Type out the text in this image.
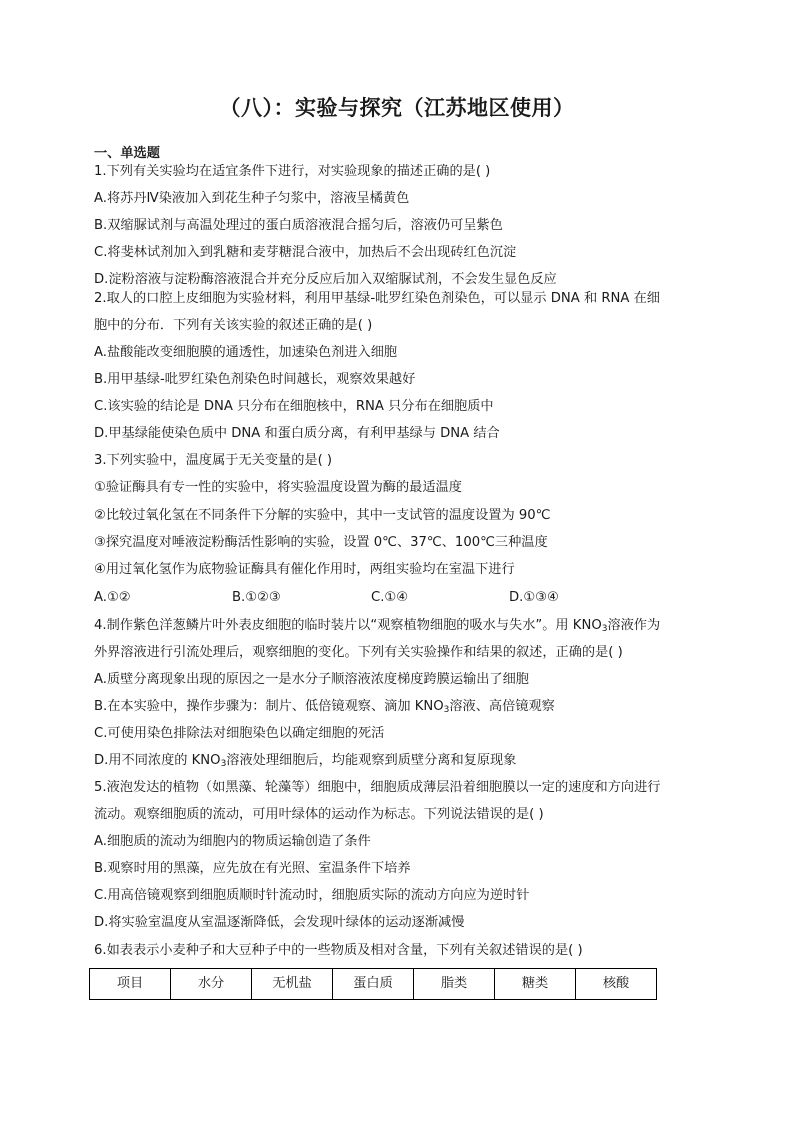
（八）：实验与探究（江苏地区使用）
一、单选题
1.下列有关实验均在适宜条件下进行，对实验现象的描述正确的是( )
A.将苏丹Ⅳ染液加入到花生种子匀浆中，溶液呈橘黄色
B.双缩脲试剂与高温处理过的蛋白质溶液混合摇匀后，溶液仍可呈紫色
C.将斐林试剂加入到乳糖和麦芽糖混合液中，加热后不会出现砖红色沉淀
D.淀粉溶液与淀粉酶溶液混合并充分反应后加入双缩脲试剂，不会发生显色反应
2.取人的口腔上皮细胞为实验材料，利用甲基绿-吡罗红染色剂染色，可以显示 DNA 和 RNA 在细
胞中的分布．下列有关该实验的叙述正确的是( )
A.盐酸能改变细胞膜的通透性，加速染色剂进入细胞
B.用甲基绿-吡罗红染色剂染色时间越长，观察效果越好
C.该实验的结论是 DNA 只分布在细胞核中，RNA 只分布在细胞质中
D.甲基绿能使染色质中 DNA 和蛋白质分离，有利甲基绿与 DNA 结合
3.下列实验中，温度属于无关变量的是( )
①验证酶具有专一性的实验中，将实验温度设置为酶的最适温度
②比较过氧化氢在不同条件下分解的实验中，其中一支试管的温度设置为 90℃
③探究温度对唾液淀粉酶活性影响的实验，设置 0℃、37℃、100℃三种温度
④用过氧化氢作为底物验证酶具有催化作用时，两组实验均在室温下进行
A.①②	B.①②③	C.①④	D.①③④
4.制作紫色洋葱鳞片叶外表皮细胞的临时装片以“观察植物细胞的吸水与失水”。用 $KNO_3$溶液作为
外界溶液进行引流处理后，观察细胞的变化。下列有关实验操作和结果的叙述，正确的是( )
A.质壁分离现象出现的原因之一是水分子顺溶液浓度梯度跨膜运输出了细胞
B.在本实验中，操作步骤为：制片、低倍镜观察、滴加 $KNO_3$溶液、高倍镜观察
C.可使用染色排除法对细胞染色以确定细胞的死活
D.用不同浓度的 $KNO_3$溶液处理细胞后，均能观察到质壁分离和复原现象
5.液泡发达的植物（如黑藻、轮藻等）细胞中，细胞质成薄层沿着细胞膜以一定的速度和方向进行
流动。观察细胞质的流动，可用叶绿体的运动作为标志。下列说法错误的是( )
A.细胞质的流动为细胞内的物质运输创造了条件
B.观察时用的黑藻，应先放在有光照、室温条件下培养
C.用高倍镜观察到细胞质顺时针流动时，细胞质实际的流动方向应为逆时针
D.将实验室温度从室温逐渐降低，会发现叶绿体的运动逐渐减慢
6.如表表示小麦种子和大豆种子中的一些物质及相对含量，下列有关叙述错误的是( )
项目	水分	无机盐	蛋白质	脂类	糖类	核酸
